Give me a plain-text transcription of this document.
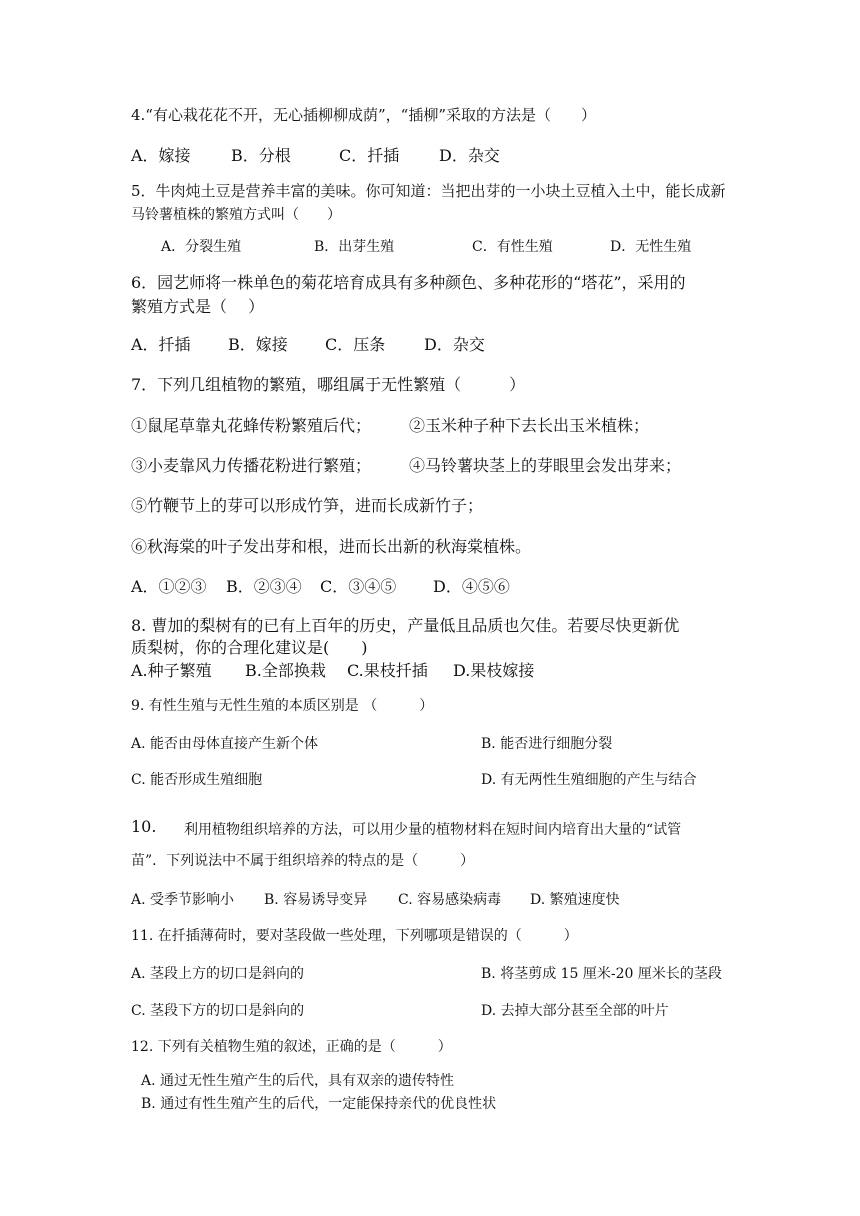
4.“有心栽花花不开，无心插柳柳成荫”，“插柳”采取的方法是（　　）
A．嫁接	B．分根	C．扦插 D．杂交
5．牛肉炖土豆是营养丰富的美味。你可知道：当把出芽的一小块土豆植入土中，能长成新
马铃薯植株的繁殖方式叫（　　）
A．分裂生殖	B．出芽生殖	C．有性生殖	D．无性生殖
6．园艺师将一株单色的菊花培育成具有多种颜色、多种花形的“塔花”，采用的
繁殖方式是（　 ）
A．扦插 B．嫁接 C．压条 D．杂交
7．下列几组植物的繁殖，哪组属于无性繁殖（　　　）
①鼠尾草靠丸花蜂传粉繁殖后代； ②玉米种子种下去长出玉米植株；
③小麦靠风力传播花粉进行繁殖； ④马铃薯块茎上的芽眼里会发出芽来；
⑤竹鞭节上的芽可以形成竹笋，进而长成新竹子；
⑥秋海棠的叶子发出芽和根，进而长出新的秋海棠植株。
A．①②③ B．②③④ C．③④⑤ D．④⑤⑥
8. 曹加的梨树有的已有上百年的历史，产量低且品质也欠佳。若要尽快更新优
质梨树，你的合理化建议是(　　)
A.种子繁殖 B.全部换栽 C.果枝扦插 D.果枝嫁接
9. 有性生殖与无性生殖的本质区别是 （　　　）
A. 能否由母体直接产生新个体	B. 能否进行细胞分裂
C. 能否形成生殖细胞	D. 有无两性生殖细胞的产生与结合
10. 利用植物组织培养的方法，可以用少量的植物材料在短时间内培育出大量的“试管
苗”．下列说法中不属于组织培养的特点的是（　　　）
A. 受季节影响小 B. 容易诱导变异 C. 容易感染病毒 D. 繁殖速度快
11. 在扦插薄荷时，要对茎段做一些处理，下列哪项是错误的（　　　）
A. 茎段上方的切口是斜向的	B. 将茎剪成 15 厘米-20 厘米长的茎段
C. 茎段下方的切口是斜向的	D. 去掉大部分甚至全部的叶片
12. 下列有关植物生殖的叙述，正确的是（　　　）
A. 通过无性生殖产生的后代，具有双亲的遗传特性
B. 通过有性生殖产生的后代，一定能保持亲代的优良性状
